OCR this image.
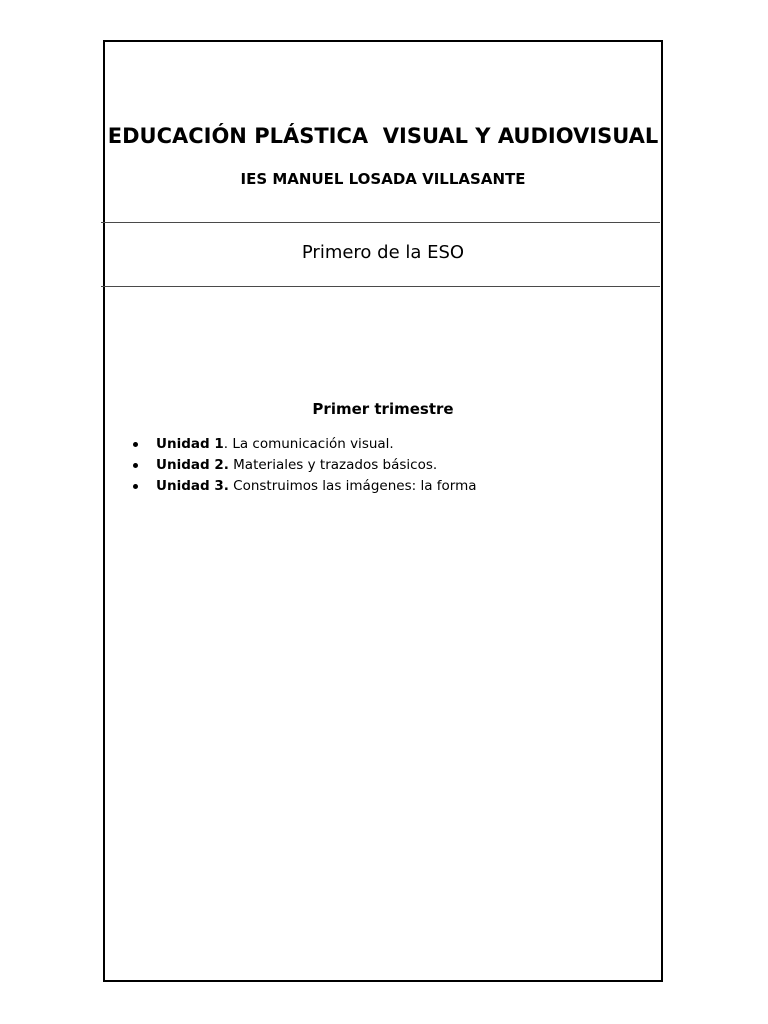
EDUCACIÓN PLÁSTICA  VISUAL Y AUDIOVISUAL
IES MANUEL LOSADA VILLASANTE
Primero de la ESO
Primer trimestre
Unidad 1. La comunicación visual.
Unidad 2. Materiales y trazados básicos.
Unidad 3. Construimos las imágenes: la forma
